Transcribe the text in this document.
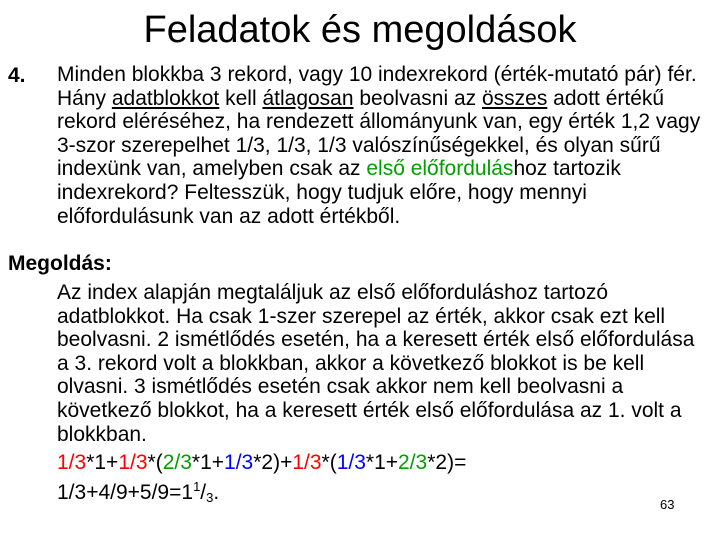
Feladatok és megoldások
4. Minden blokkba 3 rekord, vagy 10 indexrekord (érték-mutató pár) fér. Hány adatblokkot kell átlagosan beolvasni az összes adott értékű rekord eléréséhez, ha rendezett állományunk van, egy érték 1,2 vagy 3-szor szerepelhet 1/3, 1/3, 1/3 valószínűségekkel, és olyan sűrű indexünk van, amelyben csak az első előforduláshoz tartozik indexrekord? Feltesszük, hogy tudjuk előre, hogy mennyi előfordulásunk van az adott értékből.

Megoldás:

Az index alapján megtaláljuk az első előforduláshoz tartozó adatblokkot. Ha csak 1-szer szerepel az érték, akkor csak ezt kell beolvasni. 2 ismétlődés esetén, ha a keresett érték első előfordulása a 3. rekord volt a blokkban, akkor a következő blokkot is be kell olvasni. 3 ismétlődés esetén csak akkor nem kell beolvasni a következő blokkot, ha a keresett érték első előfordulása az 1. volt a blokkban.

1/3*1+1/3*(2/3*1+1/3*2)+1/3*(1/3*1+2/3*2)=
$1/3+4/9+5/9=1^1/_3$.
63
